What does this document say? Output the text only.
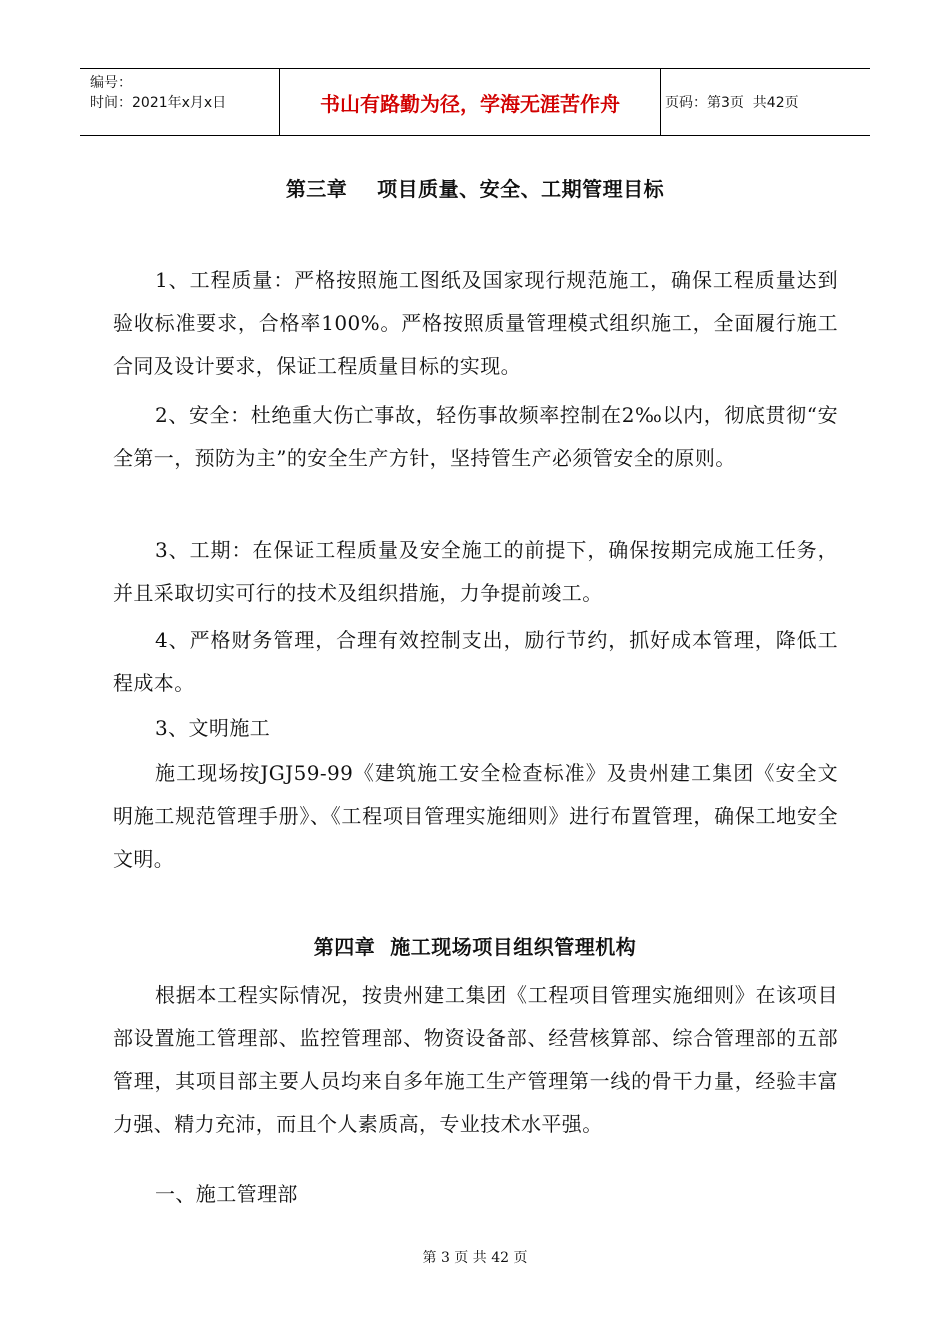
编号：
时间：2021年x月x日	书山有路勤为径，学海无涯苦作舟	页码：第3页  共42页
第三章    项目质量、安全、工期管理目标
1、工程质量：严格按照施工图纸及国家现行规范施工，确保工程质量达到验收标准要求，合格率100%。严格按照质量管理模式组织施工，全面履行施工合同及设计要求，保证工程质量目标的实现。
2、安全：杜绝重大伤亡事故，轻伤事故频率控制在2‰以内，彻底贯彻“安全第一，预防为主”的安全生产方针，坚持管生产必须管安全的原则。
3、工期：在保证工程质量及安全施工的前提下，确保按期完成施工任务，并且采取切实可行的技术及组织措施，力争提前竣工。
4、严格财务管理，合理有效控制支出，励行节约，抓好成本管理，降低工程成本。
3、文明施工
施工现场按JGJ59-99《建筑施工安全检查标准》及贵州建工集团《安全文明施工规范管理手册》、《工程项目管理实施细则》进行布置管理，确保工地安全文明。
第四章  施工现场项目组织管理机构
根据本工程实际情况，按贵州建工集团《工程项目管理实施细则》在该项目部设置施工管理部、监控管理部、物资设备部、经营核算部、综合管理部的五部管理，其项目部主要人员均来自多年施工生产管理第一线的骨干力量，经验丰富力强、精力充沛，而且个人素质高，专业技术水平强。
一、施工管理部
第 3 页 共 42 页
